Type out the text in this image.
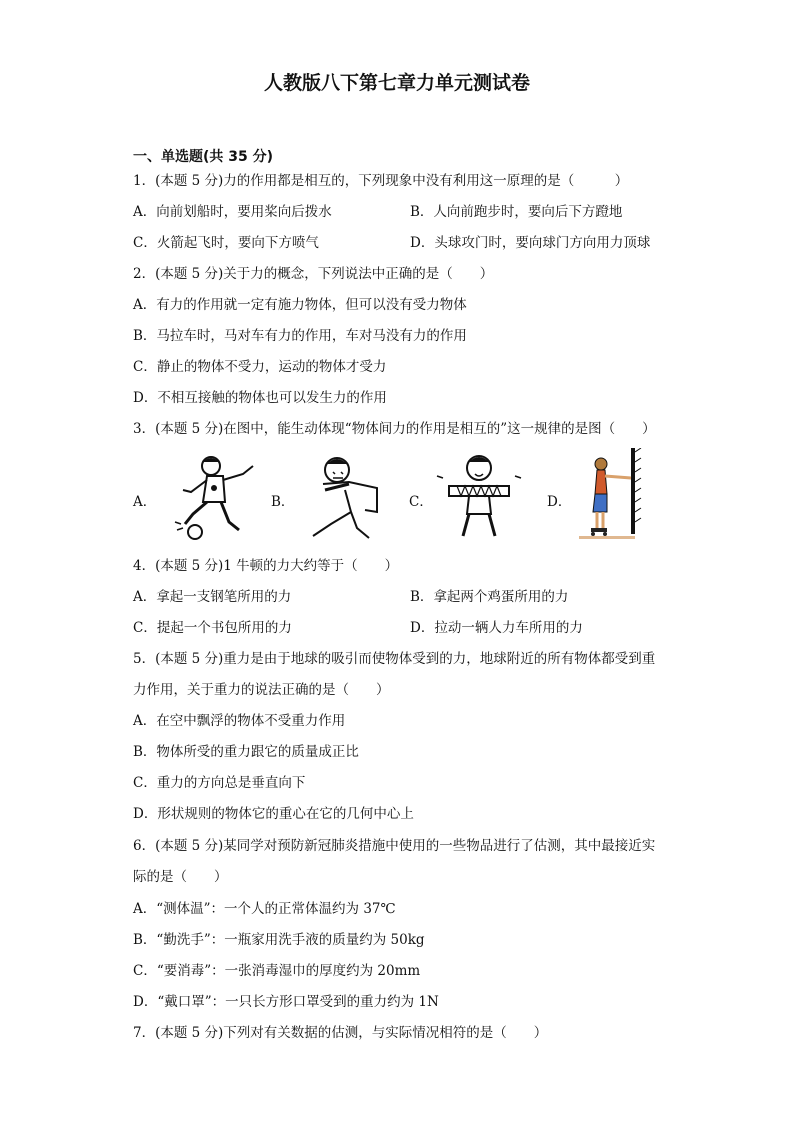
人教版八下第七章力单元测试卷
一、单选题(共 35 分)
1．(本题 5 分)力的作用都是相互的，下列现象中没有利用这一原理的是（　　　）
A．向前划船时，要用桨向后拨水	B．人向前跑步时，要向后下方蹬地
C．火箭起飞时，要向下方喷气	D．头球攻门时，要向球门方向用力顶球
2．(本题 5 分)关于力的概念，下列说法中正确的是（　　）
A．有力的作用就一定有施力物体，但可以没有受力物体
B．马拉车时，马对车有力的作用，车对马没有力的作用
C．静止的物体不受力，运动的物体才受力
D．不相互接触的物体也可以发生力的作用
3．(本题 5 分)在图中，能生动体现“物体间力的作用是相互的”这一规律的是图（　　）
A．	B．	C．	D．
4．(本题 5 分)1 牛顿的力大约等于（　　）
A．拿起一支钢笔所用的力	B．拿起两个鸡蛋所用的力
C．提起一个书包所用的力	D．拉动一辆人力车所用的力
5．(本题 5 分)重力是由于地球的吸引而使物体受到的力，地球附近的所有物体都受到重
力作用，关于重力的说法正确的是（　　）
A．在空中飘浮的物体不受重力作用
B．物体所受的重力跟它的质量成正比
C．重力的方向总是垂直向下
D．形状规则的物体它的重心在它的几何中心上
6．(本题 5 分)某同学对预防新冠肺炎措施中使用的一些物品进行了估测，其中最接近实
际的是（　　）
A．“测体温”：一个人的正常体温约为 37℃
B．“勤洗手”：一瓶家用洗手液的质量约为 50kg
C．“要消毒”：一张消毒湿巾的厚度约为 20mm
D．“戴口罩”：一只长方形口罩受到的重力约为 1N
7．(本题 5 分)下列对有关数据的估测，与实际情况相符的是（　　）
